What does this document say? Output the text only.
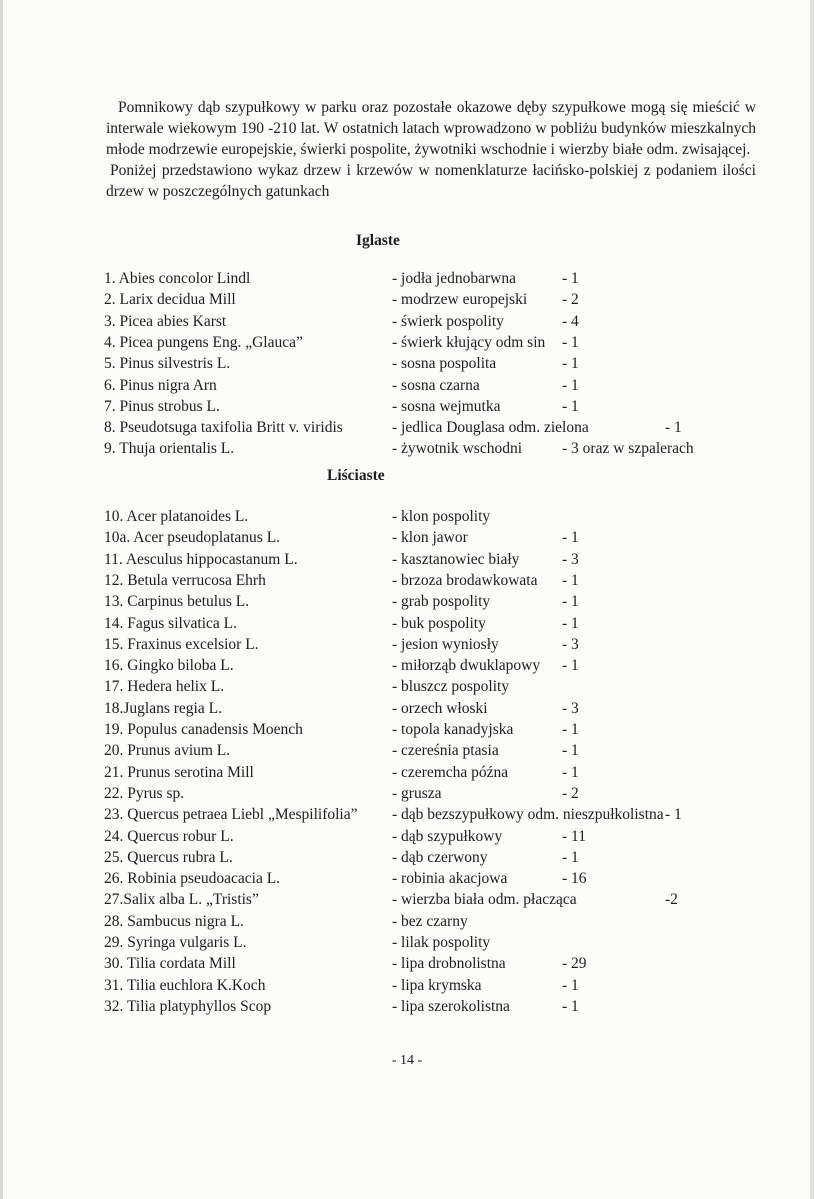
Pomnikowy dąb szypułkowy w parku oraz pozostałe okazowe dęby szypułkowe mogą się mieścić w interwale wiekowym 190 -210 lat. W ostatnich latach wprowadzono w pobliżu budynków mieszkalnych młode modrzewie europejskie, świerki pospolite, żywotniki wschodnie i wierzby białe odm. zwisającej.

Poniżej przedstawiono wykaz drzew i krzewów w nomenklaturze łacińsko-polskiej z podaniem ilości drzew w poszczególnych gatunkach

Iglaste
Liściaste
1. Abies concolor Lindl	- jodła jednobarwna	- 1
2. Larix decidua Mill	- modrzew europejski - 2
3. Picea abies Karst	- świerk pospolity	- 4
4. Picea pungens Eng. „Glauca”	- świerk kłujący odm sin - 1
5. Pinus silvestris L.	- sosna pospolita	- 1
6. Pinus nigra Arn	- sosna czarna	- 1
7. Pinus strobus L.	- sosna wejmutka	- 1
8. Pseudotsuga taxifolia Britt v. viridis	- jedlica Douglasa odm. zielona	- 1
9. Thuja orientalis L.	- żywotnik wschodni	- 3 oraz w szpalerach
10. Acer platanoides L.	- klon pospolity
10a. Acer pseudoplatanus L.	- klon jawor	- 1
11. Aesculus hippocastanum L.	- kasztanowiec biały	- 3
12. Betula verrucosa Ehrh	- brzoza brodawkowata - 1
13. Carpinus betulus L.	- grab pospolity	- 1
14. Fagus silvatica L.	- buk pospolity	- 1
15. Fraxinus excelsior L.	- jesion wyniosły	- 3
16. Gingko biloba L.	- miłorząb dwuklapowy - 1
17. Hedera helix L.	- bluszcz pospolity
18.Juglans regia L.	- orzech włoski	- 3
19. Populus canadensis Moench	- topola kanadyjska	- 1
20. Prunus avium L.	- czereśnia ptasia	- 1
21. Prunus serotina Mill	- czeremcha późna	- 1
22. Pyrus sp.	- grusza	- 2
23. Quercus petraea Liebl „Mespilifolia” - dąb bezszypułkowy odm. nieszpułkolistna - 1
24. Quercus robur L.	- dąb szypułkowy	- 11
25. Quercus rubra L.	- dąb czerwony	- 1
26. Robinia pseudoacacia L.	- robinia akacjowa	- 16
27.Salix alba L. „Tristis”	- wierzba biała odm. płacząca	-2
28. Sambucus nigra L.	- bez czarny
29. Syringa vulgaris L.	- lilak pospolity
30. Tilia cordata Mill	- lipa drobnolistna	- 29
31. Tilia euchlora K.Koch	- lipa krymska	- 1
32. Tilia platyphyllos Scop	- lipa szerokolistna	- 1
- 14 -
